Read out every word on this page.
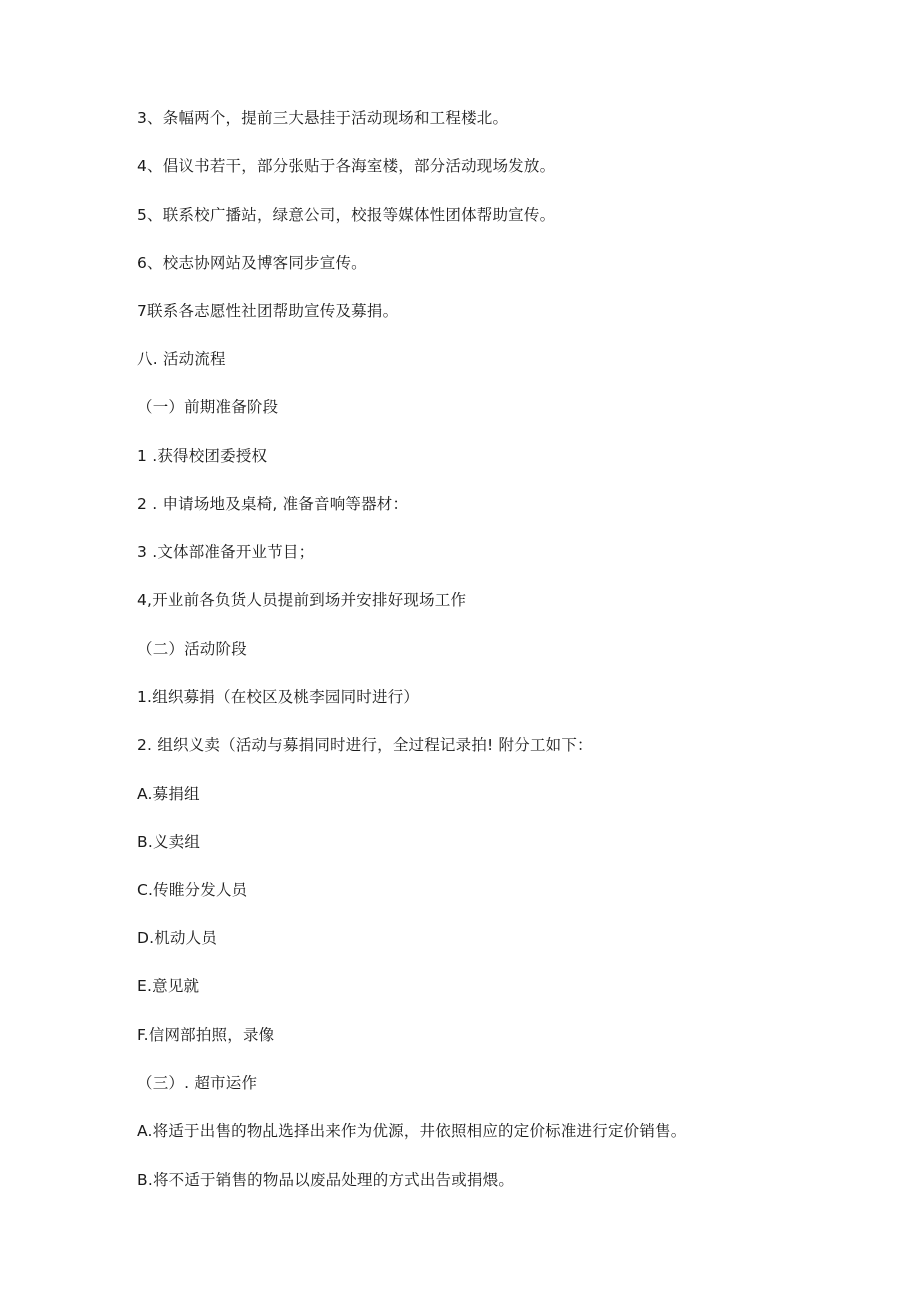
3、条幅两个，提前三大悬挂于活动现场和工程楼北。
4、倡议书若干，部分张贴于各海室楼，部分活动现场发放。
5、联系校广播站，绿意公司，校报等媒体性团体帮助宣传。
6、校志协网站及博客同步宣传。
7联系各志愿性社团帮助宣传及募捐。
八. 活动流程
（一）前期准备阶段
1 .获得校团委授权
2 . 申请场地及桌椅, 准备音响等器材：
3 .文体部准备开业节目；
4,开业前各负货人员提前到场并安排好现场工作
（二）活动阶段
1.组织募捐（在校区及桃李园同时进行）
2. 组织义卖（活动与募捐同时进行，全过程记录拍! 附分工如下：
A.募捐组
B.义卖组
C.传睢分发人员
D.机动人员
E.意见就
F.信网部拍照，录像
（三）. 超市运作
A.将适于出售的物乩选择出来作为优源，井依照相应的定价标准进行定价销售。
B.将不适于销售的物品以废品处理的方式出告或捐煨。
